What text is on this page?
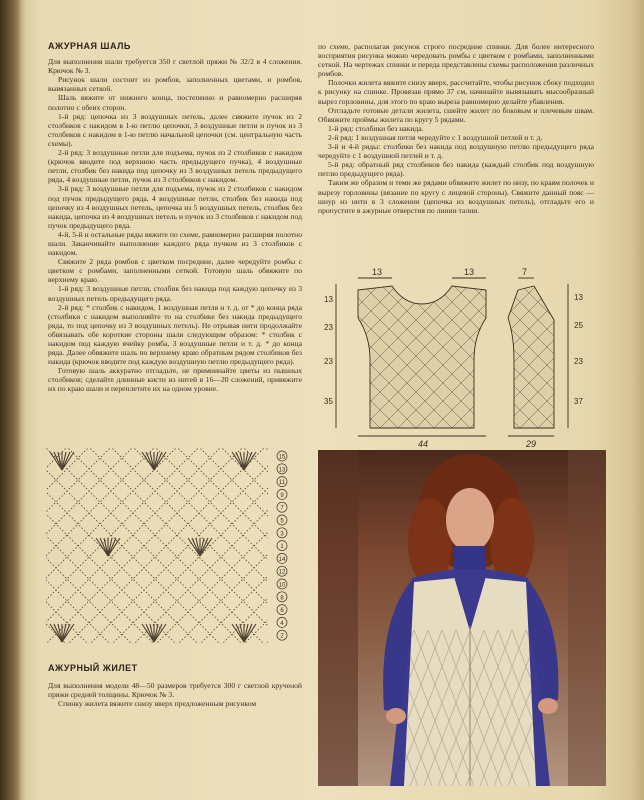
АЖУРНАЯ ШАЛЬ

Для выполнения шали требуется 350 г светлой пряжи № 32/2 в 4 сложения. Крючок № 3.

Рисунок шали состоит из ромбов, заполненных цветами, и ромбов, вывязанных сеткой.

Шаль вяжите от нижнего конца, постепенно и равномерно расширяя полотно с обеих сторон.

1-й ряд: цепочка из 3 воздушных петель, далее свяжите пучок из 2 столбиков с накидом в 1-ю петлю цепочки, 3 воздушные петли и пучок из 3 столбиков с накидом в 1-ю петлю начальной цепочки (см. центральную часть схемы).

2-й ряд: 3 воздушные петли для подъема, пучок из 2 столбиков с накидом (крючок вводите под верхнюю часть предыдущего пучка), 4 воздушные петли, столбик без накида под цепочку из 3 воздушных петель предыдущего ряда, 4 воздушные петли, пучок из 3 столбиков с накидом.

3-й ряд: 3 воздушные петли для подъема, пучок из 2 столбиков с накидом под пучок предыдущего ряда, 4 воздушные петли, столбик без накида под цепочку из 4 воздушных петель, цепочка из 5 воздушных петель, столбик без накида, цепочка из 4 воздушных петель и пучок из 3 столбиков с накидом под пучок предыдущего ряда.

4-й, 5-й и остальные ряды вяжите по схеме, равномерно расширяя полотно шали. Заканчивайте выполнение каждого ряда пучком из 3 столбиков с накидом.

Свяжите 2 ряда ромбов с цветком посредине, далее чередуйте ромбы с цветком с ромбами, заполненными сеткой. Готовую шаль обвяжите по верхнему краю.

1-й ряд: 3 воздушные петли, столбик без накида под каждую цепочку из 3 воздушных петель предыдущего ряда.

2-й ряд: * столбик с накидом, 1 воздушная петля и т. д. от * до конца ряда (столбики с накидом выполняйте то на столбике без накида предыдущего ряда, то под цепочку из 3 воздушных петель). Не отрывая нити продолжайте обвязывать обе короткие стороны шали следующим образом: * столбик с накидом под каждую ячейку ромба, 3 воздушные петли и т. д. * до конца ряда. Далее обвяжите шаль по верхнему краю обратным рядом столбиков без накида (крючок вводите под каждую воздушную петлю предыдущего ряда).

Готовую шаль аккуратно отгладьте, не примиинайте цветы из пышных столбиков; сделайте длинные кисти из нитей в 16—20 сложений, привяжите их по краю шали и переплетите их на одном уровне.

15
13
11
9
7
5
3
1
14
12
10
8
6
4
2
АЖУРНЫЙ ЖИЛЕТ

Для выполнения модели 48—50 размеров требуется 300 г светлой крученой пряжи средней толщины. Крючок № 3.

Спинку жилета вяжите снизу вверх предложенным рисунком

по схеме, располагая рисунок строго посредине спинки. Для более интересного восприятия рисунка можно чередовать ромбы с цветком с ромбами, заполненными сеткой. На чертежах спинки и переда представлены схемы расположения различных ромбов.

Полочки жилета вяжите снизу вверх, рассчитайте, чтобы рисунок сбоку подходил к рисунку на спинке. Провязав прямо 37 см, начинайте вывязывать мысообразный вырез горловины, для этого по краю выреза равномерно делайте убавления.

Отгладьте готовые детали жилета, сшейте жилет по боковым и плечевым швам. Обвяжите проймы жилета по кругу 5 рядами.

1-й ряд: столбики без накида.

2-й ряд: 1 воздушная петля чередуйте с 1 воздушной петлей и т. д.

3-й и 4-й ряды: столбики без накида под воздушную петлю предыдущего ряда чередуйте с 1 воздушной петлей и т. д.

5-й ряд: обратный ряд столбиков без накида (каждый столбик под воздушную петлю предыдущего ряда).

Таким же образом и теми же рядами обвяжите жилет по низу, по краям полочек и вырезу горловины (вязание по кругу с лицевой стороны). Свяжите данный пояс — шнур из нити в 3 сложения (цепочка из воздушных петель), отгладьте его и пропустите в ажурные отверстия по линии талии.

13	13
13
23
23
35
44
7
13
25
23
37
29
